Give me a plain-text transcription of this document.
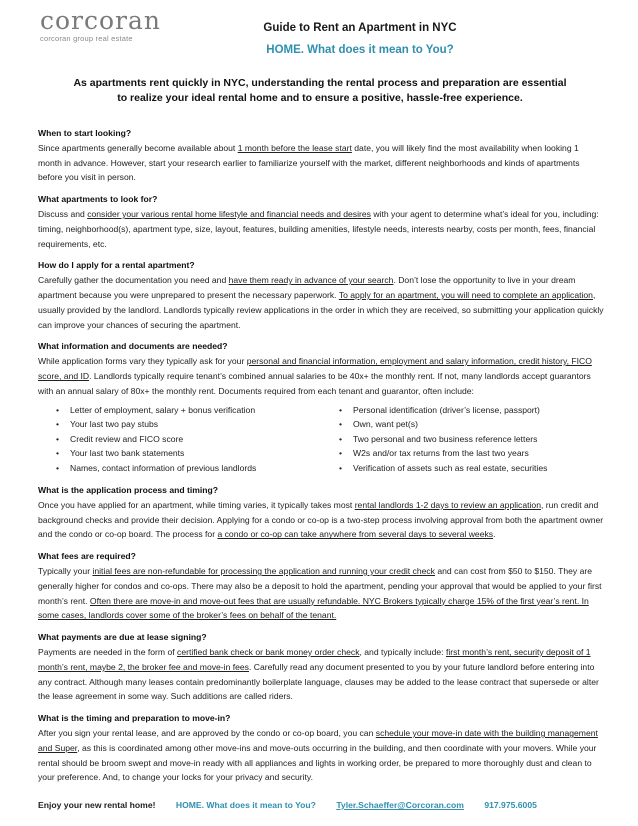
corcoran
corcoran group real estate
Guide to Rent an Apartment in NYC
HOME. What does it mean to You?
As apartments rent quickly in NYC, understanding the rental process and preparation are essential
to realize your ideal rental home and to ensure a positive, hassle-free experience.

When to start looking?

Since apartments generally become available about 1 month before the lease start date, you will likely find the most availability when looking 1 month in advance. However, start your research earlier to familiarize yourself with the market, different neighborhoods and kinds of apartments before you visit in person.

What apartments to look for?

Discuss and consider your various rental home lifestyle and financial needs and desires with your agent to determine what’s ideal for you, including: timing, neighborhood(s), apartment type, size, layout, features, building amenities, lifestyle needs, interests nearby, costs per month, fees, financial requirements, etc.

How do I apply for a rental apartment?

Carefully gather the documentation you need and have them ready in advance of your search. Don’t lose the opportunity to live in your dream apartment because you were unprepared to present the necessary paperwork. To apply for an apartment, you will need to complete an application, usually provided by the landlord. Landlords typically review applications in the order in which they are received, so submitting your application quickly can improve your chances of securing the apartment.

What information and documents are needed?

While application forms vary they typically ask for your personal and financial information, employment and salary information, credit history, FICO score, and ID. Landlords typically require tenant’s combined annual salaries to be 40x+ the monthly rent. If not, many landlords accept guarantors with an annual salary of 80x+ the monthly rent. Documents required from each tenant and guarantor, often include:

• Letter of employment, salary + bonus verification
• Your last two pay stubs
• Credit review and FICO score
• Your last two bank statements
• Names, contact information of previous landlords
• Personal identification (driver’s license, passport)
• Own, want pet(s)
• Two personal and two business reference letters
• W2s and/or tax returns from the last two years
• Verification of assets such as real estate, securities

What is the application process and timing?

Once you have applied for an apartment, while timing varies, it typically takes most rental landlords 1-2 days to review an application, run credit and background checks and provide their decision. Applying for a condo or co-op is a two-step process involving approval from both the apartment owner and the condo or co-op board. The process for a condo or co-op can take anywhere from several days to several weeks.

What fees are required?

Typically your initial fees are non-refundable for processing the application and running your credit check and can cost from $50 to $150. They are generally higher for condos and co-ops. There may also be a deposit to hold the apartment, pending your approval that would be applied to your first month’s rent. Often there are move-in and move-out fees that are usually refundable. NYC Brokers typically charge 15% of the first year’s rent. In some cases, landlords cover some of the broker’s fees on behalf of the tenant.

What payments are due at lease signing?

Payments are needed in the form of certified bank check or bank money order check, and typically include: first month’s rent, security deposit of 1 month’s rent, maybe 2, the broker fee and move-in fees. Carefully read any document presented to you by your future landlord before entering into any contract. Although many leases contain predominantly boilerplate language, clauses may be added to the lease contract that supersede or alter the lease agreement in some way. Such additions are called riders.

What is the timing and preparation to move-in?

After you sign your rental lease, and are approved by the condo or co-op board, you can schedule your move-in date with the building management and Super, as this is coordinated among other move-ins and move-outs occurring in the building, and then coordinate with your movers. While your rental should be broom swept and move-in ready with all appliances and lights in working order, be prepared to more thoroughly dust and clean to your preference. And, to change your locks for your privacy and security.

Enjoy your new rental home! HOME. What does it mean to You? Tyler.Schaeffer@Corcoran.com 917.975.6005
